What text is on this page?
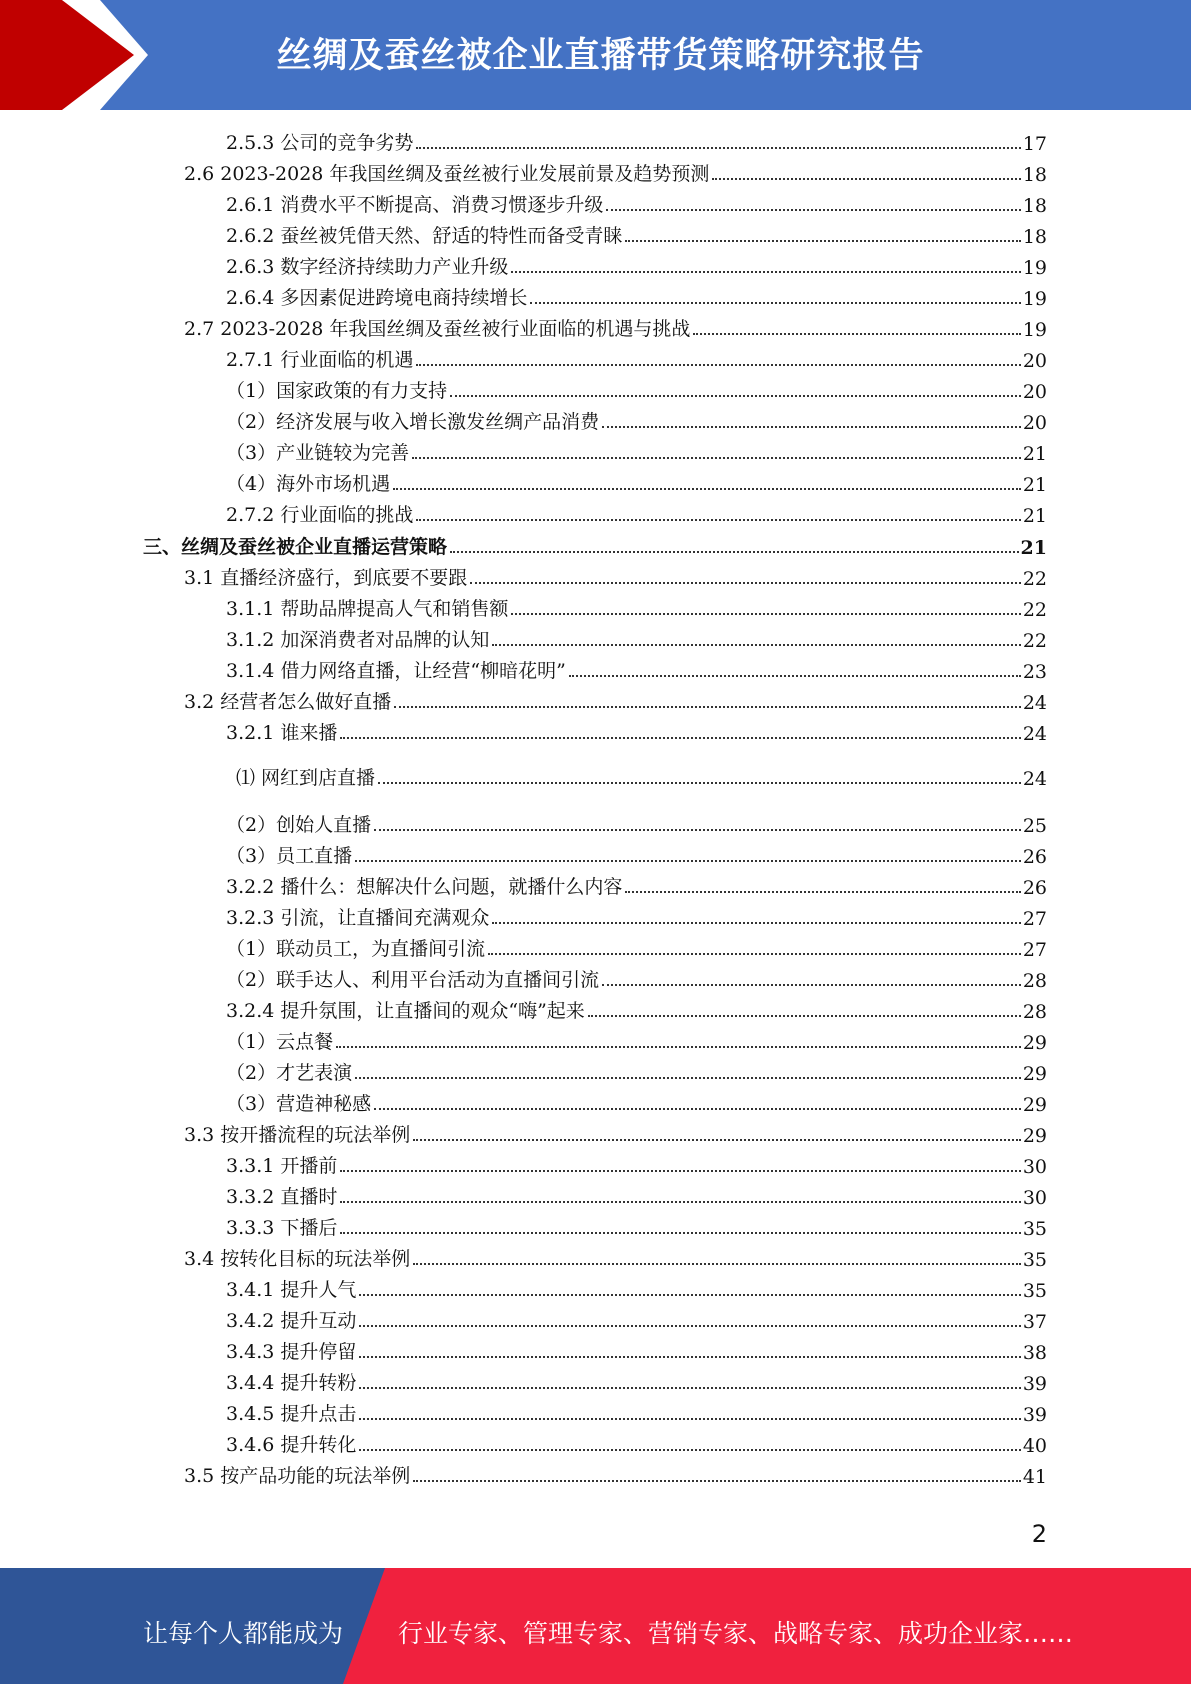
丝绸及蚕丝被企业直播带货策略研究报告
2.5.3 公司的竞争劣势	17
2.6 2023-2028 年我国丝绸及蚕丝被行业发展前景及趋势预测	18
2.6.1 消费水平不断提高、消费习惯逐步升级	18
2.6.2 蚕丝被凭借天然、舒适的特性而备受青睐	18
2.6.3 数字经济持续助力产业升级	19
2.6.4 多因素促进跨境电商持续增长	19
2.7 2023-2028 年我国丝绸及蚕丝被行业面临的机遇与挑战	19
2.7.1 行业面临的机遇	20
（1）国家政策的有力支持	20
（2）经济发展与收入增长激发丝绸产品消费	20
（3）产业链较为完善	21
（4）海外市场机遇	21
2.7.2 行业面临的挑战	21
三、丝绸及蚕丝被企业直播运营策略	21
3.1 直播经济盛行，到底要不要跟	22
3.1.1 帮助品牌提高人气和销售额	22
3.1.2 加深消费者对品牌的认知	22
3.1.4 借力网络直播，让经营“柳暗花明”	23
3.2 经营者怎么做好直播	24
3.2.1 谁来播	24
⑴ 网红到店直播	24
（2）创始人直播	25
（3）员工直播	26
3.2.2 播什么：想解决什么问题，就播什么内容	26
3.2.3 引流，让直播间充满观众	27
（1）联动员工，为直播间引流	27
（2）联手达人、利用平台活动为直播间引流	28
3.2.4 提升氛围，让直播间的观众“嗨”起来	28
（1）云点餐	29
（2）才艺表演	29
（3）营造神秘感	29
3.3 按开播流程的玩法举例	29
3.3.1 开播前	30
3.3.2 直播时	30
3.3.3 下播后	35
3.4 按转化目标的玩法举例	35
3.4.1 提升人气	35
3.4.2 提升互动	37
3.4.3 提升停留	38
3.4.4 提升转粉	39
3.4.5 提升点击	39
3.4.6 提升转化	40
3.5 按产品功能的玩法举例	41
2
让每个人都能成为 行业专家、管理专家、营销专家、战略专家、成功企业家……
